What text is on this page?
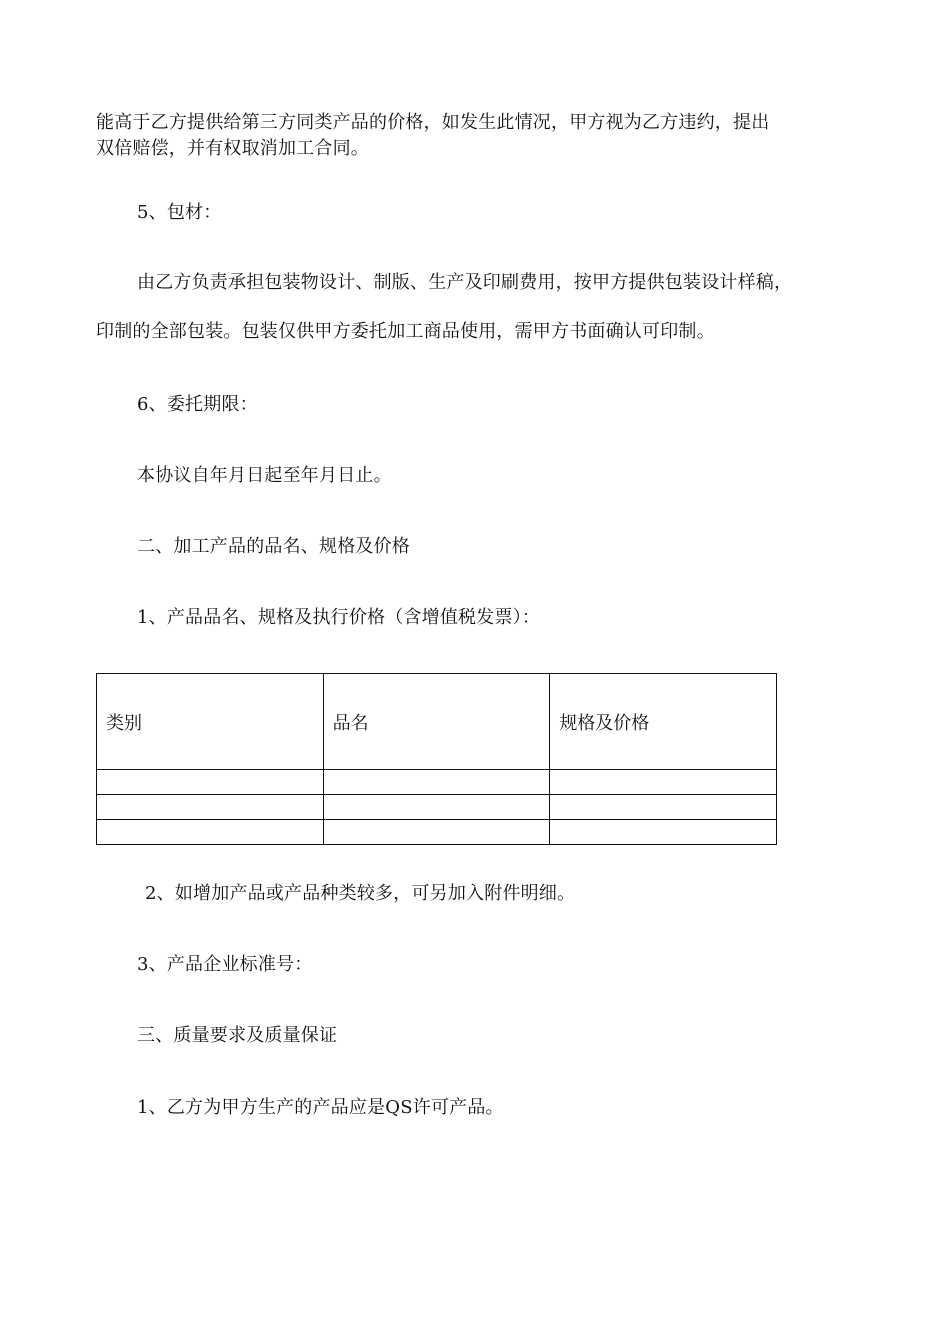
能高于乙方提供给第三方同类产品的价格，如发生此情况，甲方视为乙方违约，提出
双倍赔偿，并有权取消加工合同。
5、包材：
由乙方负责承担包装物设计、制版、生产及印刷费用，按甲方提供包装设计样稿，
印制的全部包装。包装仅供甲方委托加工商品使用，需甲方书面确认可印制。
6、委托期限：
本协议自年月日起至年月日止。
二、加工产品的品名、规格及价格
1、产品品名、规格及执行价格（含增值税发票）：
类别	品名	规格及价格

2、如增加产品或产品种类较多，可另加入附件明细。
3、产品企业标准号：
三、质量要求及质量保证
1、乙方为甲方生产的产品应是QS许可产品。
